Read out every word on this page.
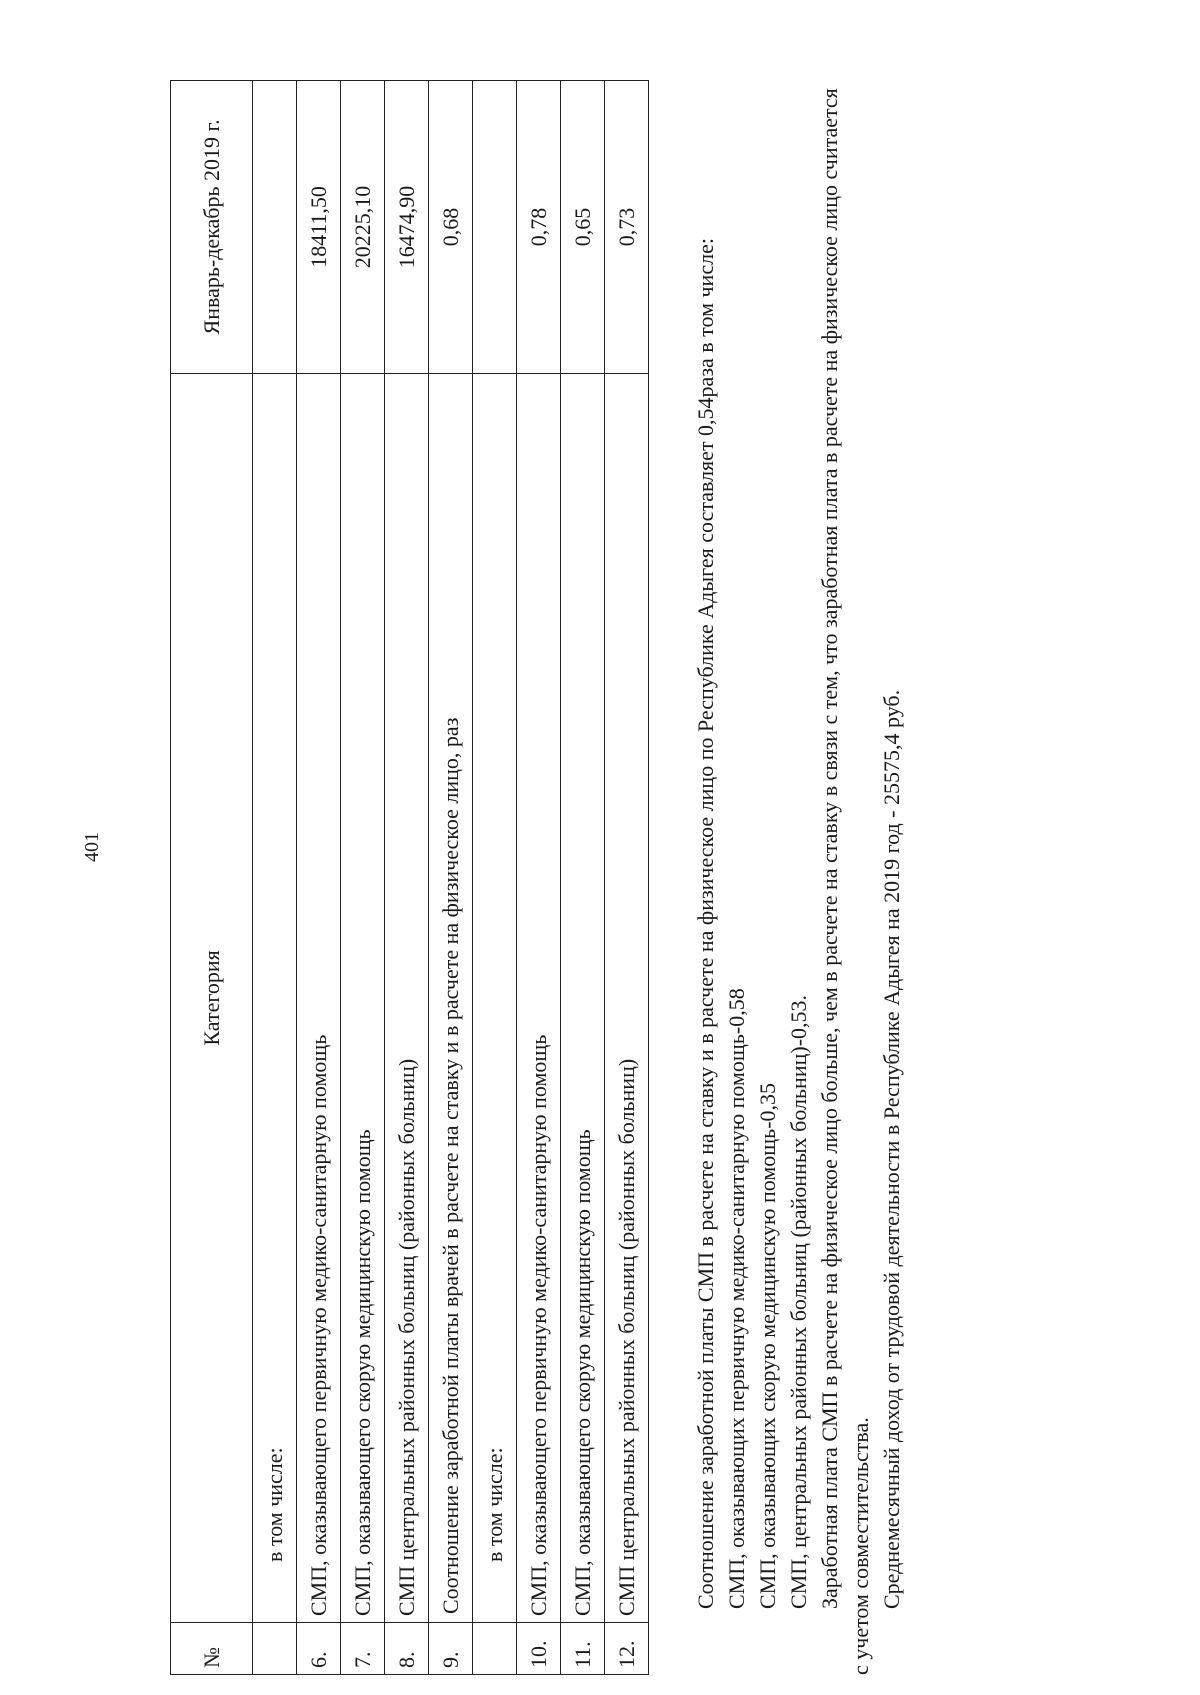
401
№	Категория	Январь-декабрь 2019 г.
	в том числе:	
6.	СМП, оказывающего первичную медико-санитарную помощь	18411,50
7.	СМП, оказывающего скорую медицинскую помощь	20225,10
8.	СМП центральных районных больниц (районных больниц)	16474,90
9.	Соотношение заработной платы врачей в расчете на ставку и в расчете на физическое лицо, раз	0,68
	в том числе:	
10.	СМП, оказывающего первичную медико-санитарную помощь	0,78
11.	СМП, оказывающего скорую медицинскую помощь	0,65
12.	СМП центральных районных больниц (районных больниц)	0,73

Соотношение заработной платы СМП в расчете на ставку и в расчете на физическое лицо по Республике Адыгея составляет 0,54раза в том числе: СМП, оказывающих первичную медико-санитарную помощь-0,58 СМП, оказывающих скорую медицинскую помощь-0,35 СМП, центральных районных больниц (районных больниц)-0,53. Заработная плата СМП в расчете на физическое лицо больше, чем в расчете на ставку в связи с тем, что заработная плата в расчете на физическое лицо считается с учетом совместительства. Среднемесячный доход от трудовой деятельности в Республике Адыгея на 2019 год - 25575,4 руб.
